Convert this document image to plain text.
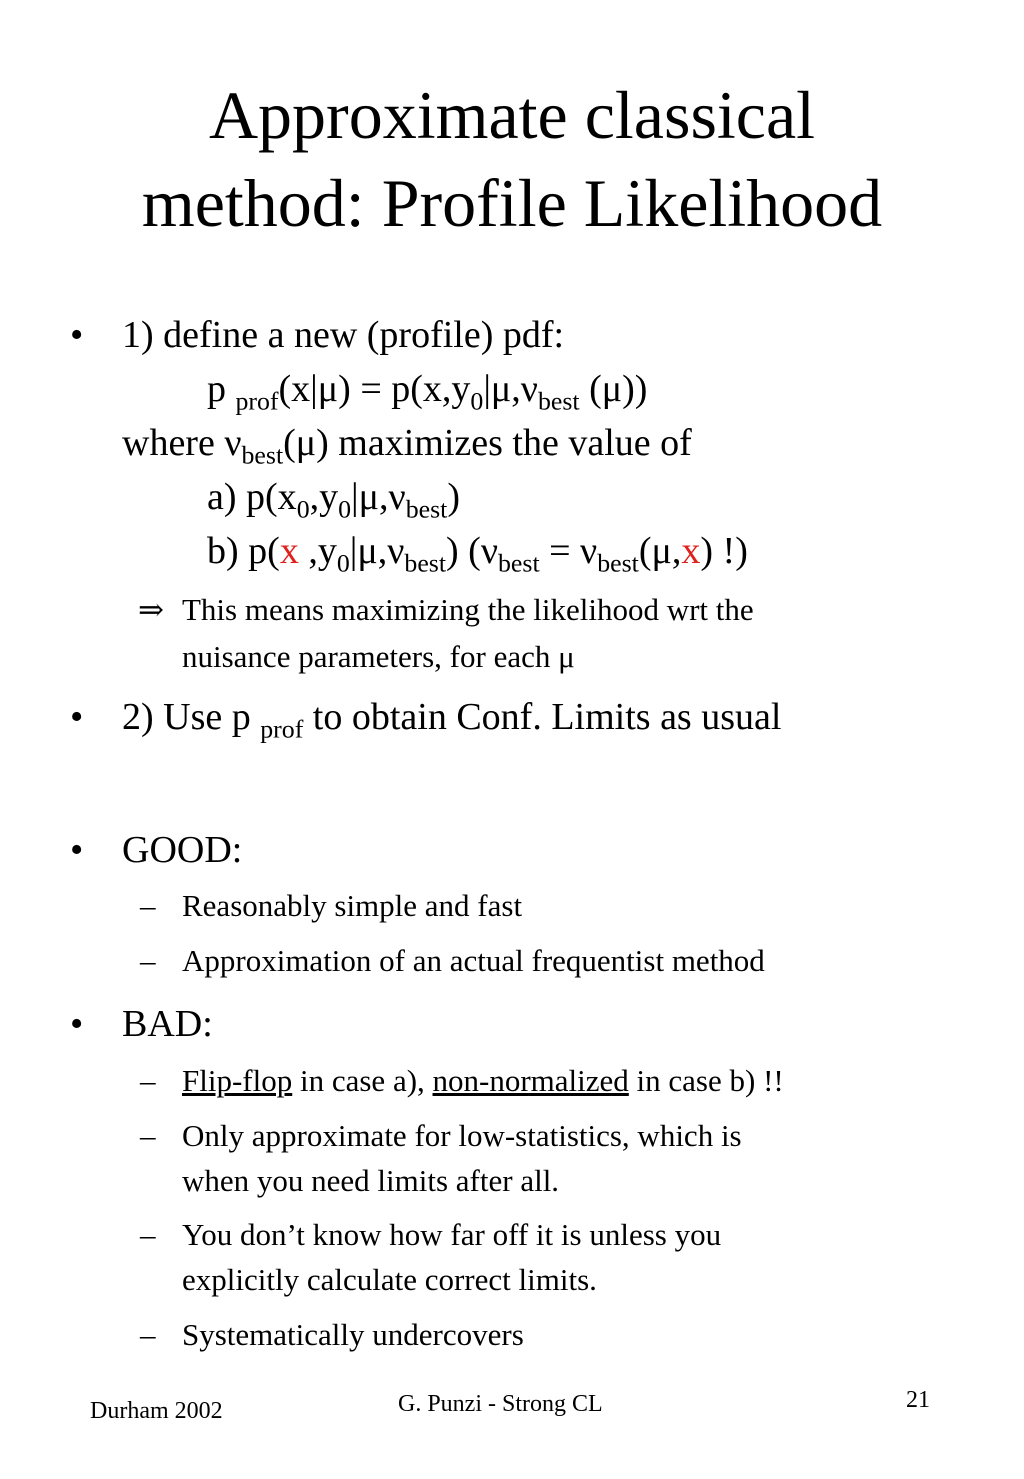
Approximate classical
method: Profile Likelihood
• 1) define a new (profile) pdf:
p $_{prof}(x|\mu) = p(x,y_0|\mu,\nu_{best}$ (μ))
where $\nu_{best}(\mu)$ maximizes the value of
a) $p(x_0,y_0|\mu,\nu_{best})$
b) p(x $,y_0|\mu,\nu_{best}$) ($\nu_{best} = \nu_{best}(\mu,x)$ !)
⇒ This means maximizing the likelihood wrt the
nuisance parameters, for each μ
• 2) Use p $_{prof}$ to obtain Conf. Limits as usual
• GOOD:
– Reasonably simple and fast
– Approximation of an actual frequentist method
• BAD:
– Flip-flop in case a), non-normalized in case b) !!
– Only approximate for low-statistics, which is
when you need limits after all.
– You don’t know how far off it is unless you
explicitly calculate correct limits.
– Systematically undercovers
21
Durham 2002	G. Punzi - Strong CL
